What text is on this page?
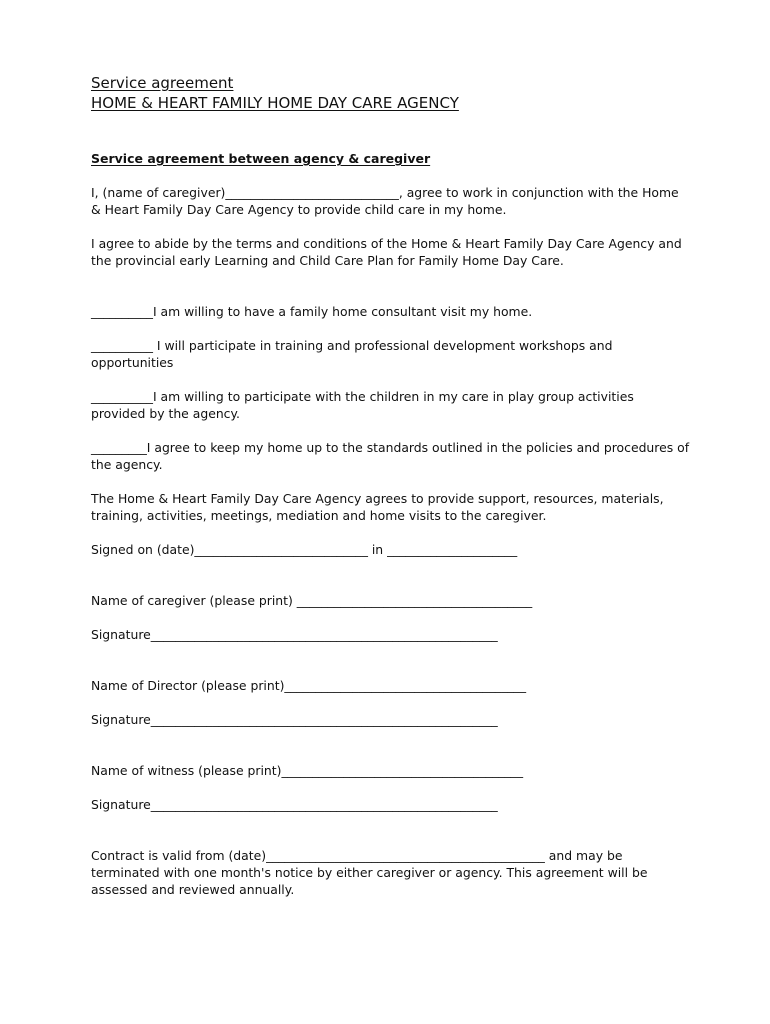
Service agreement
HOME & HEART FAMILY HOME DAY CARE AGENCY
Service agreement between agency & caregiver

I, (name of caregiver)____________________________, agree to work in conjunction with the Home & Heart Family Day Care Agency to provide child care in my home.

I agree to abide by the terms and conditions of the Home & Heart Family Day Care Agency and the provincial early Learning and Child Care Plan for Family Home Day Care.

__________I am willing to have a family home consultant visit my home.

__________ I will participate in training and professional development workshops and opportunities

__________I am willing to participate with the children in my care in play group activities provided by the agency.

_________I agree to keep my home up to the standards outlined in the policies and procedures of the agency.

The Home & Heart Family Day Care Agency agrees to provide support, resources, materials, training, activities, meetings, mediation and home visits to the caregiver.

Signed on (date)____________________________ in _____________________

Name of caregiver (please print) ______________________________________

Signature________________________________________________________

Name of Director (please print)_______________________________________

Signature________________________________________________________

Name of witness (please print)_______________________________________

Signature________________________________________________________

Contract is valid from (date)_____________________________________________ and may be terminated with one month's notice by either caregiver or agency. This agreement will be assessed and reviewed annually.
